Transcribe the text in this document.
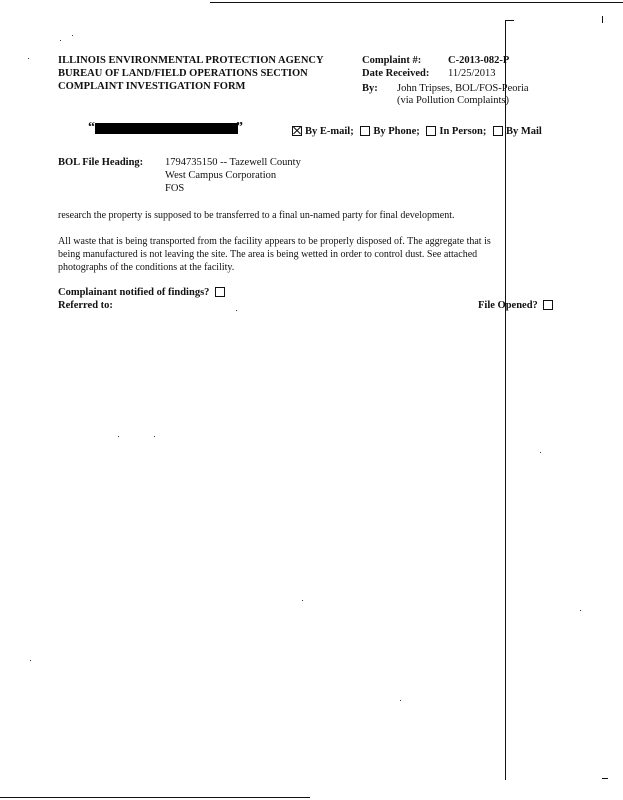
ILLINOIS ENVIRONMENTAL PROTECTION AGENCY
BUREAU OF LAND/FIELD OPERATIONS SECTION
COMPLAINT INVESTIGATION FORM
Complaint #:	C-2013-082-P
Date Received: 11/25/2013
By: John Tripses, BOL/FOS-Peoria
(via Pollution Complaints)
“	”	By E-mail; By Phone; In Person; By Mail
BOL File Heading: 1794735150 -- Tazewell County
West Campus Corporation
FOS
research the property is supposed to be transferred to a final un-named party for final development.
All waste that is being transported from the facility appears to be properly disposed of. The aggregate that is
being manufactured is not leaving the site. The area is being wetted in order to control dust. See attached
photographs of the conditions at the facility.
Complainant notified of findings?
Referred to:	File Opened?
